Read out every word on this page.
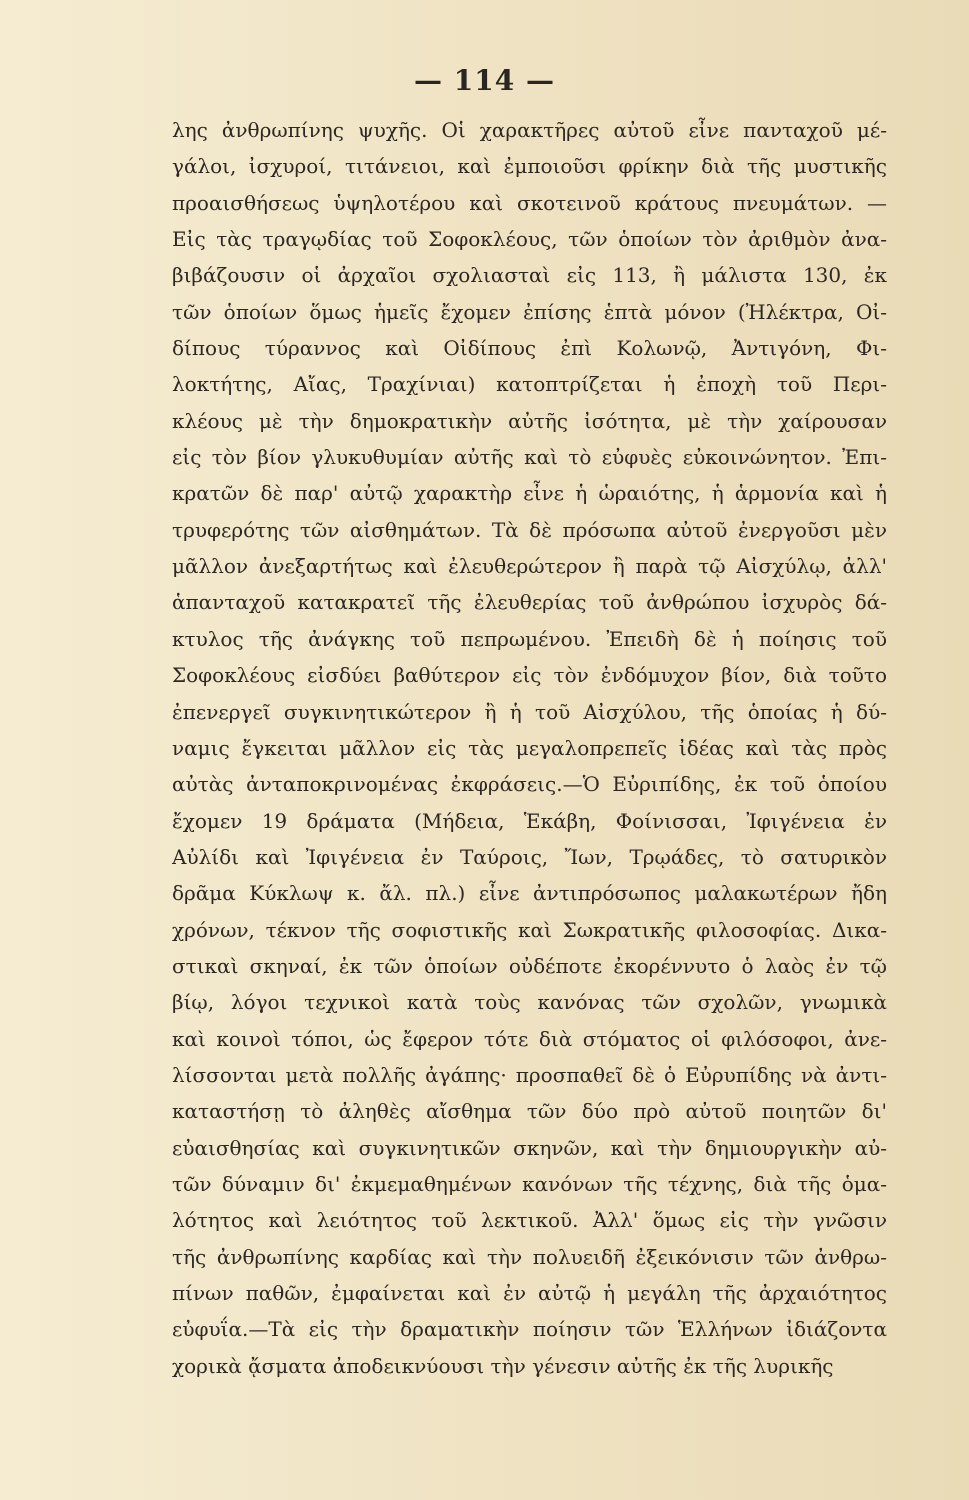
— 114 —
λης ἀνθρωπίνης ψυχῆς. Οἱ χαρακτῆρες αὐτοῦ εἶνε πανταχοῦ μέ-
γάλοι, ἰσχυροί, τιτάνειοι, καὶ ἐμποιοῦσι φρίκην διὰ τῆς μυστικῆς
προαισθήσεως ὑψηλοτέρου καὶ σκοτεινοῦ κράτους πνευμάτων. —
Εἰς τὰς τραγῳδίας τοῦ Σοφοκλέους, τῶν ὁποίων τὸν ἀριθμὸν ἀνα-
βιβάζουσιν οἱ ἀρχαῖοι σχολιασταὶ εἰς 113, ἢ μάλιστα 130, ἐκ
τῶν ὁποίων ὅμως ἡμεῖς ἔχομεν ἐπίσης ἑπτὰ μόνον (Ἠλέκτρα, Οἰ-
δίπους τύραννος καὶ Οἰδίπους ἐπὶ Κολωνῷ, Ἀντιγόνη, Φι-
λοκτήτης, Αἴας, Τραχίνιαι) κατοπτρίζεται ἡ ἐποχὴ τοῦ Περι-
κλέους μὲ τὴν δημοκρατικὴν αὐτῆς ἰσότητα, μὲ τὴν χαίρουσαν
εἰς τὸν βίον γλυκυθυμίαν αὐτῆς καὶ τὸ εὐφυὲς εὐκοινώνητον. Ἐπι-
κρατῶν δὲ παρ' αὐτῷ χαρακτὴρ εἶνε ἡ ὡραιότης, ἡ ἁρμονία καὶ ἡ
τρυφερότης τῶν αἰσθημάτων. Τὰ δὲ πρόσωπα αὐτοῦ ἐνεργοῦσι μὲν
μᾶλλον ἀνεξαρτήτως καὶ ἐλευθερώτερον ἢ παρὰ τῷ Αἰσχύλῳ, ἀλλ'
ἁπανταχοῦ κατακρατεῖ τῆς ἐλευθερίας τοῦ ἀνθρώπου ἰσχυρὸς δά-
κτυλος τῆς ἀνάγκης τοῦ πεπρωμένου. Ἐπειδὴ δὲ ἡ ποίησις τοῦ
Σοφοκλέους εἰσδύει βαθύτερον εἰς τὸν ἐνδόμυχον βίον, διὰ τοῦτο
ἐπενεργεῖ συγκινητικώτερον ἢ ἡ τοῦ Αἰσχύλου, τῆς ὁποίας ἡ δύ-
ναμις ἔγκειται μᾶλλον εἰς τὰς μεγαλοπρεπεῖς ἰδέας καὶ τὰς πρὸς
αὐτὰς ἀνταποκρινομένας ἐκφράσεις.—Ὁ Εὐριπίδης, ἐκ τοῦ ὁποίου
ἔχομεν 19 δράματα (Μήδεια, Ἑκάβη, Φοίνισσαι, Ἰφιγένεια ἐν
Αὐλίδι καὶ Ἰφιγένεια ἐν Ταύροις, Ἴων, Τρῳάδες, τὸ σατυρικὸν
δρᾶμα Κύκλωψ κ. ἄλ. πλ.) εἶνε ἀντιπρόσωπος μαλακωτέρων ἤδη
χρόνων, τέκνον τῆς σοφιστικῆς καὶ Σωκρατικῆς φιλοσοφίας. Δικα-
στικαὶ σκηναί, ἐκ τῶν ὁποίων οὐδέποτε ἐκορέννυτο ὁ λαὸς ἐν τῷ
βίῳ, λόγοι τεχνικοὶ κατὰ τοὺς κανόνας τῶν σχολῶν, γνωμικὰ
καὶ κοινοὶ τόποι, ὡς ἔφερον τότε διὰ στόματος οἱ φιλόσοφοι, ἀνε-
λίσσονται μετὰ πολλῆς ἀγάπης· προσπαθεῖ δὲ ὁ Εὐρυπίδης νὰ ἀντι-
καταστήσῃ τὸ ἀληθὲς αἴσθημα τῶν δύο πρὸ αὐτοῦ ποιητῶν δι'
εὐαισθησίας καὶ συγκινητικῶν σκηνῶν, καὶ τὴν δημιουργικὴν αὐ-
τῶν δύναμιν δι' ἐκμεμαθημένων κανόνων τῆς τέχνης, διὰ τῆς ὁμα-
λότητος καὶ λειότητος τοῦ λεκτικοῦ. Ἀλλ' ὅμως εἰς τὴν γνῶσιν
τῆς ἀνθρωπίνης καρδίας καὶ τὴν πολυειδῆ ἐξεικόνισιν τῶν ἀνθρω-
πίνων παθῶν, ἐμφαίνεται καὶ ἐν αὐτῷ ἡ μεγάλη τῆς ἀρχαιότητος
εὐφυΐα.—Τὰ εἰς τὴν δραματικὴν ποίησιν τῶν Ἑλλήνων ἰδιάζοντα
χορικὰ ᾄσματα ἀποδεικνύουσι τὴν γένεσιν αὐτῆς ἐκ τῆς λυρικῆς
